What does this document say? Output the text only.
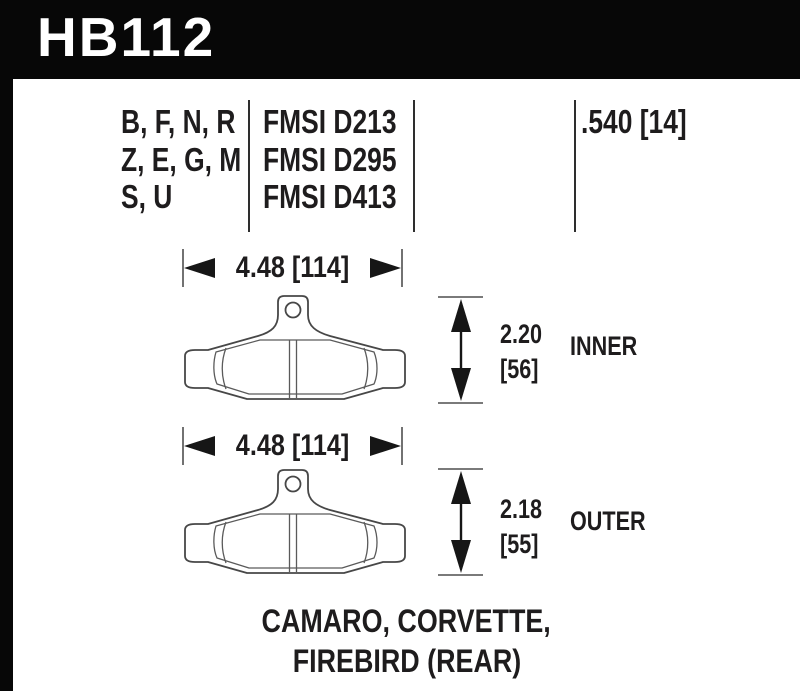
HB112
B, F, N, R
Z, E, G, M
S, U
FMSI D213
FMSI D295
FMSI D413
.540 [14]
4.48 [114]
2.20
[56]
INNER
4.48 [114]
2.18
[55]
OUTER
CAMARO, CORVETTE,
FIREBIRD (REAR)
